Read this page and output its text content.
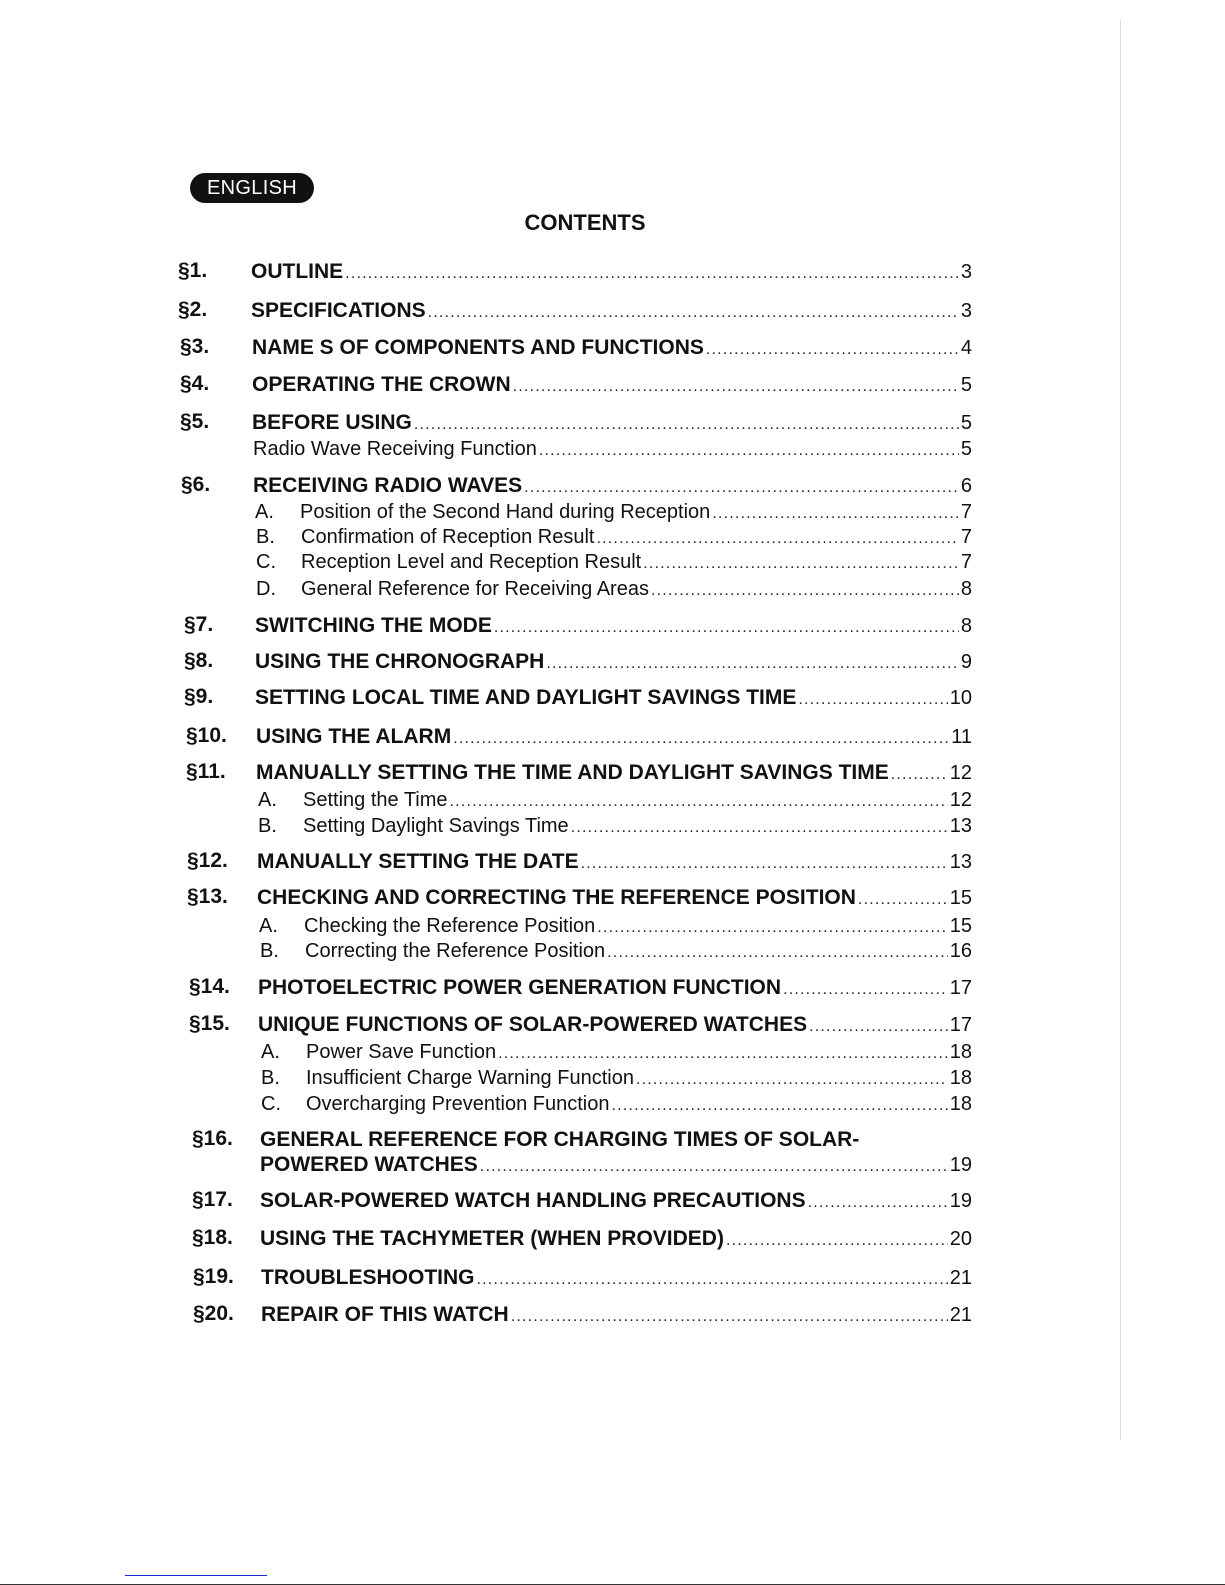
ENGLISH
CONTENTS
§1. OUTLINE .....	3
§2. SPECIFICATIONS .....	3
§3. NAME S OF COMPONENTS AND FUNCTIONS .....	4
§4. OPERATING THE CROWN .....	5
§5. BEFORE USING .....	5
Radio Wave Receiving Function .....	5
§6. RECEIVING RADIO WAVES .....	6
A. Position of the Second Hand during Reception .....	7
B. Confirmation of Reception Result .....	7
C. Reception Level and Reception Result .....	7
D. General Reference for Receiving Areas .....	8
§7. SWITCHING THE MODE .....	8
§8. USING THE CHRONOGRAPH .....	9
§9. SETTING LOCAL TIME AND DAYLIGHT SAVINGS TIME .....	10
§10. USING THE ALARM .....	11
§11. MANUALLY SETTING THE TIME AND DAYLIGHT SAVINGS TIME .....	12
A. Setting the Time .....	12
B. Setting Daylight Savings Time .....	13
§12. MANUALLY SETTING THE DATE .....	13
§13. CHECKING AND CORRECTING THE REFERENCE POSITION .....	15
A. Checking the Reference Position .....	15
B. Correcting the Reference Position .....	16
§14. PHOTOELECTRIC POWER GENERATION FUNCTION .....	17
§15. UNIQUE FUNCTIONS OF SOLAR-POWERED WATCHES .....	17
A. Power Save Function .....	18
B. Insufficient Charge Warning Function .....	18
C. Overcharging Prevention Function .....	18
§16. GENERAL REFERENCE FOR CHARGING TIMES OF SOLAR-
POWERED WATCHES .....	19
§17. SOLAR-POWERED WATCH HANDLING PRECAUTIONS .....	19
§18. USING THE TACHYMETER (WHEN PROVIDED) .....	20
§19. TROUBLESHOOTING .....	21
§20. REPAIR OF THIS WATCH .....	21
